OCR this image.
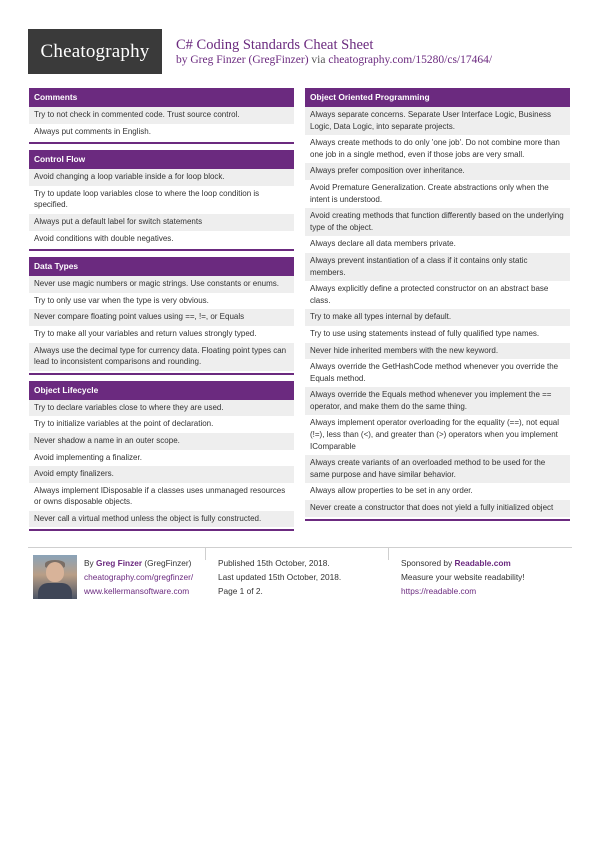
Cheatography C# Coding Standards Cheat Sheet
by Greg Finzer (GregFinzer) via cheatography.com/15280/cs/17464/
Comments
Try to not check in commented code. Trust source control.
Always put comments in English.
Control Flow
Avoid changing a loop variable inside a for loop block.
Try to update loop variables close to where the loop condition is specified.
Always put a default label for switch statements
Avoid conditions with double negatives.
Data Types
Never use magic numbers or magic strings. Use constants or enums.
Try to only use var when the type is very obvious.
Never compare floating point values using ==, !=, or Equals
Try to make all your variables and return values strongly typed.
Always use the decimal type for currency data. Floating point types can lead to inconsistent comparisons and rounding.
Object Lifecycle
Try to declare variables close to where they are used.
Try to initialize variables at the point of declaration.
Never shadow a name in an outer scope.
Avoid implementing a finalizer.
Avoid empty finalizers.
Always implement IDisposable if a classes uses unmanaged resources or owns disposable objects.
Never call a virtual method unless the object is fully constructed.
Object Oriented Programming
Always separate concerns. Separate User Interface Logic, Business Logic, Data Logic, into separate projects.
Always create methods to do only 'one job'. Do not combine more than one job in a single method, even if those jobs are very small.
Always prefer composition over inheritance.
Avoid Premature Generalization. Create abstractions only when the intent is understood.
Avoid creating methods that function differently based on the underlying type of the object.
Always declare all data members private.
Always prevent instantiation of a class if it contains only static members.
Always explicitly define a protected constructor on an abstract base class.
Try to make all types internal by default.
Try to use using statements instead of fully qualified type names.
Never hide inherited members with the new keyword.
Always override the GetHashCode method whenever you override the Equals method.
Always override the Equals method whenever you implement the == operator, and make them do the same thing.
Always implement operator overloading for the equality (==), not equal (!=), less than (<), and greater than (>) operators when you implement IComparable
Always create variants of an overloaded method to be used for the same purpose and have similar behavior.
Always allow properties to be set in any order.
Never create a constructor that does not yield a fully initialized object
By Greg Finzer (GregFinzer)
cheatography.com/gregfinzer/
www.kellermansoftware.com
Published 15th October, 2018.
Last updated 15th October, 2018.
Page 1 of 2.
Sponsored by Readable.com
Measure your website readability!
https://readable.com
